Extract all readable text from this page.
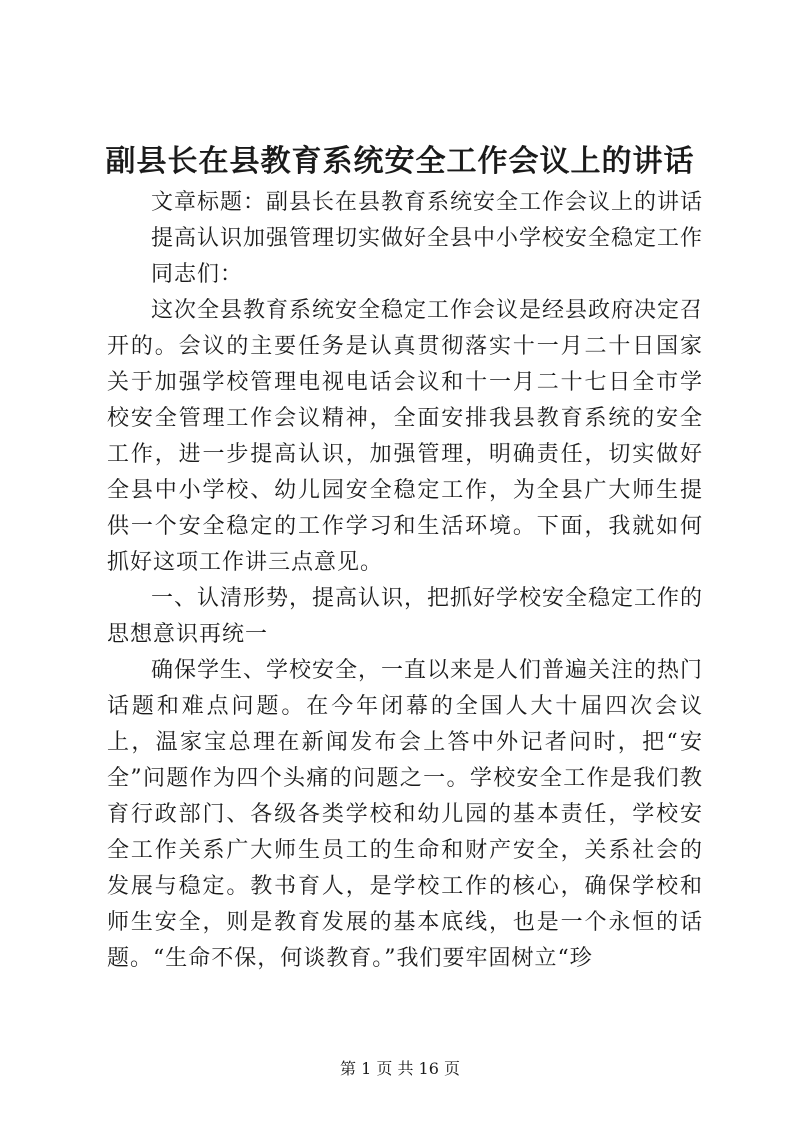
副县长在县教育系统安全工作会议上的讲话

文章标题：副县长在县教育系统安全工作会议上的讲话

提高认识加强管理切实做好全县中小学校安全稳定工作

同志们：

这次全县教育系统安全稳定工作会议是经县政府决定召开的。会议的主要任务是认真贯彻落实十一月二十日国家关于加强学校管理电视电话会议和十一月二十七日全市学校安全管理工作会议精神，全面安排我县教育系统的安全工作，进一步提高认识，加强管理，明确责任，切实做好全县中小学校、幼儿园安全稳定工作，为全县广大师生提供一个安全稳定的工作学习和生活环境。下面，我就如何抓好这项工作讲三点意见。

一、认清形势，提高认识，把抓好学校安全稳定工作的思想意识再统一

确保学生、学校安全，一直以来是人们普遍关注的热门话题和难点问题。在今年闭幕的全国人大十届四次会议上，温家宝总理在新闻发布会上答中外记者问时，把“安全”问题作为四个头痛的问题之一。学校安全工作是我们教育行政部门、各级各类学校和幼儿园的基本责任，学校安全工作关系广大师生员工的生命和财产安全，关系社会的发展与稳定。教书育人，是学校工作的核心，确保学校和师生安全，则是教育发展的基本底线，也是一个永恒的话题。“生命不保，何谈教育。”我们要牢固树立“珍

第 1 页 共 16 页
